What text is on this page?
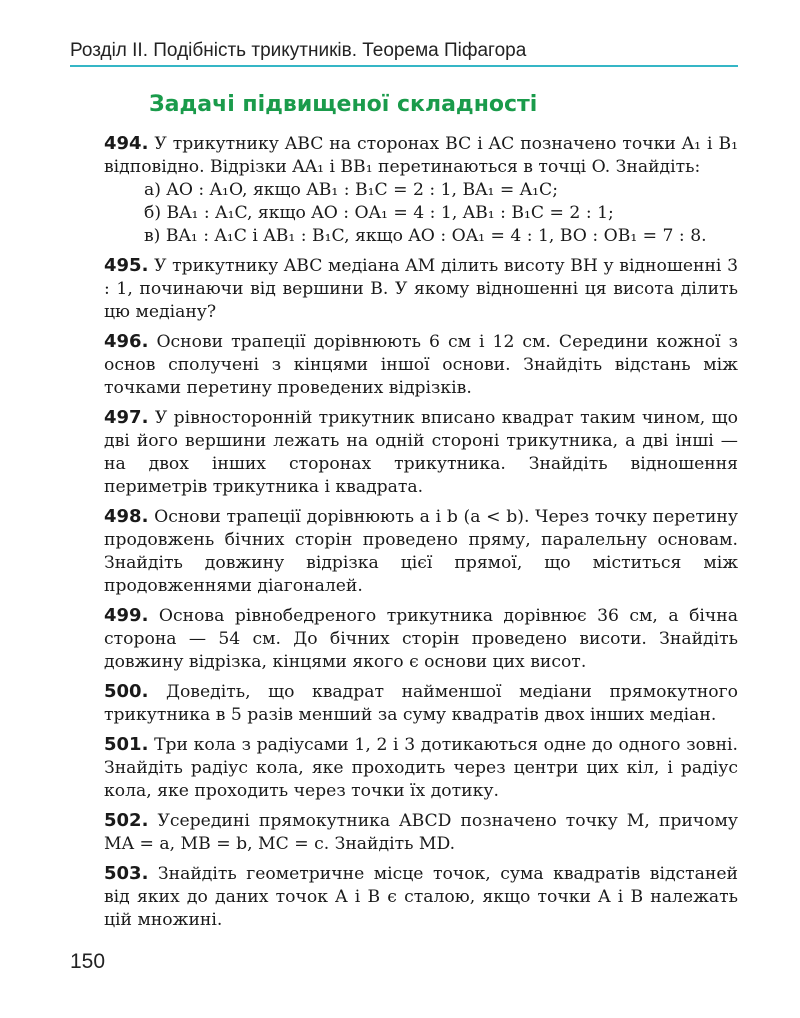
Розділ II. Подібність трикутників. Теорема Піфагора
Задачі підвищеної складності
494. У трикутнику ABC на сторонах BC і AC позначено точки A₁ і B₁ відповідно. Відрізки AA₁ і BB₁ перетинаються в точці O. Знайдіть:
а) AO : A₁O, якщо AB₁ : B₁C = 2 : 1, BA₁ = A₁C;
б) BA₁ : A₁C, якщо AO : OA₁ = 4 : 1, AB₁ : B₁C = 2 : 1;
в) BA₁ : A₁C і AB₁ : B₁C, якщо AO : OA₁ = 4 : 1, BO : OB₁ = 7 : 8.
495. У трикутнику ABC медіана AM ділить висоту BH у відношенні 3 : 1, починаючи від вершини B. У якому відношенні ця висота ділить цю медіану?
496. Основи трапеції дорівнюють 6 см і 12 см. Середини кожної з основ сполучені з кінцями іншої основи. Знайдіть відстань між точками перетину проведених відрізків.
497. У рівносторонній трикутник вписано квадрат таким чином, що дві його вершини лежать на одній стороні трикутника, а дві інші — на двох інших сторонах трикутника. Знайдіть відношення периметрів трикутника і квадрата.
498. Основи трапеції дорівнюють a і b (a < b). Через точку перетину продовжень бічних сторін проведено пряму, паралельну основам. Знайдіть довжину відрізка цієї прямої, що міститься між продовженнями діагоналей.
499. Основа рівнобедреного трикутника дорівнює 36 см, а бічна сторона — 54 см. До бічних сторін проведено висоти. Знайдіть довжину відрізка, кінцями якого є основи цих висот.
500. Доведіть, що квадрат найменшої медіани прямокутного трикутника в 5 разів менший за суму квадратів двох інших медіан.
501. Три кола з радіусами 1, 2 і 3 дотикаються одне до одного зовні. Знайдіть радіус кола, яке проходить через центри цих кіл, і радіус кола, яке проходить через точки їх дотику.
502. Усередині прямокутника ABCD позначено точку M, причому MA = a, MB = b, MC = c. Знайдіть MD.
503. Знайдіть геометричне місце точок, сума квадратів відстаней від яких до даних точок A і B є сталою, якщо точки A і B належать цій множині.
150
